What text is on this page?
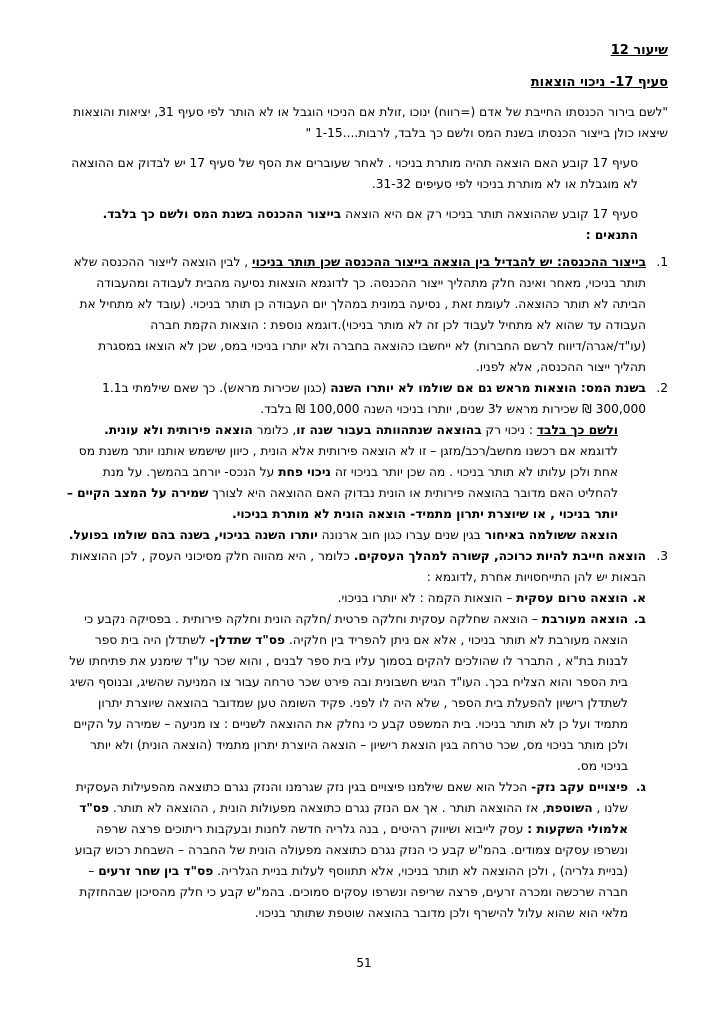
שיעור 12
סעיף 17- ניכוי הוצאות
"לשם בירור הכנסתו החייבת של אדם (=רווח) ינוכו ,זולת אם הניכוי הוגבל או לא הותר לפי סעיף 31, יציאות והוצאות שיצאו כולן בייצור הכנסתו בשנת המס ולשם כך בלבד, לרבות....1-15 "
סעיף 17 קובע האם הוצאה תהיה מותרת בניכוי . לאחר שעוברים את הסף של סעיף 17 יש לבדוק אם ההוצאה לא מוגבלת או לא מותרת בניכוי לפי סעיפים 31-32.
סעיף 17 קובע שההוצאה תותר בניכוי רק אם היא הוצאה בייצור ההכנסה בשנת המס ולשם כך בלבד.
התנאים :
1.
בייצור ההכנסה: יש להבדיל בין הוצאה בייצור ההכנסה שכן תותר בניכוי , לבין הוצאה לייצור ההכנסה שלא תותר בניכוי, מאחר ואינה חלק מתהליך ייצור ההכנסה. כך לדוגמא הוצאות נסיעה מהבית לעבודה ומהעבודה הביתה לא תותר כהוצאה. לעומת זאת , נסיעה במונית במהלך יום העבודה כן תותר בניכוי. (עובד לא מתחיל את העבודה עד שהוא לא מתחיל לעבוד לכן זה לא מותר בניכוי).דוגמא נוספת : הוצאות הקמת חברה (עו"ד/אגרה/דיווח לרשם החברות) לא ייחשבו כהוצאה בחברה ולא יותרו בניכוי במס, שכן לא הוצאו במסגרת תהליך ייצור ההכנסה, אלא לפניו.
2.
בשנת המס: הוצאות מראש גם אם שולמו לא יותרו השנה (כגון שכירות מראש). כך שאם שילמתי ב1.1 300,000 ₪ שכירות מראש ל3 שנים, יותרו בניכוי השנה 100,000 ₪ בלבד.
ולשם כך בלבד : ניכוי רק בהוצאה שנתהוותה בעבור שנה זו, כלומר הוצאה פירותית ולא עונית. לדוגמא אם רכשנו מחשב/רכב/מזגן – זו לא הוצאה פירותית אלא הונית , כיוון שישמש אותנו יותר משנת מס אחת ולכן עלותו לא תותר בניכוי . מה שכן יותר בניכוי זה ניכוי פחת על הנכס- יורחב בהמשך. על מנת להחליט האם מדובר בהוצאה פירותית או הונית נבדוק האם ההוצאה היא לצורך שמירה על המצב הקיים – יותר בניכוי , או שיוצרת יתרון מתמיד- הוצאה הונית לא מותרת בניכוי.
הוצאה ששולמה באיחור בגין שנים עברו כגון חוב ארנונה יותרו השנה בניכוי, בשנה בהם שולמו בפועל.
3.
הוצאה חייבת להיות כרוכה, קשורה למהלך העסקים. כלומר , היא מהווה חלק מסיכוני העסק , לכן ההוצאות הבאות יש להן התייחסויות אחרת ,לדוגמא :
א.
הוצאה טרום עסקית – הוצאות הקמה : לא יותרו בניכוי.
ב.
הוצאה מעורבת – הוצאה שחלקה עסקית וחלקה פרטית /חלקה הונית וחלקה פירותית . בפסיקה נקבע כי הוצאה מעורבת לא תותר בניכוי , אלא אם ניתן להפריד בין חלקיה. פס"ד שתדלן- לשתדלן היה בית ספר לבנות בת"א , התברר לו שהולכים להקים בסמוך עליו בית ספר לבנים , והוא שכר עו"ד שימנע את פתיחתו של בית הספר והוא הצליח בכך. העו"ד הגיש חשבונית ובה פירט שכר טרחה עבור צו המניעה שהשיג, ובנוסף השיג לשתדלן רישיון להפעלת בית הספר , שלא היה לו לפני. פקיד השומה טען שמדובר בהוצאה שיוצרת יתרון מתמיד ועל כן לא תותר בניכוי. בית המשפט קבע כי נחלק את ההוצאה לשניים : צו מניעה – שמירה על הקיים ולכן מותר בניכוי מס, שכר טרחה בגין הוצאת רישיון – הוצאה היוצרת יתרון מתמיד (הוצאה הונית) ולא יותר בניכוי מס.
ג.
פיצויים עקב נזק- הכלל הוא שאם שילמנו פיצויים בגין נזק שגרמנו והנזק נגרם כתוצאה מהפעילות העסקית שלנו , השוטפת, אז ההוצאה תותר . אך אם הנזק נגרם כתוצאה מפעולות הונית , ההוצאה לא תותר. פס"ד אלמולי השקעות : עסק לייבוא ושיווק רהיטים , בנה גלריה חדשה לחנות ובעקבות ריתוכים פרצה שרפה ונשרפו עסקים צמודים. בהמ"ש קבע כי הנזק נגרם כתוצאה מפעולה הונית של החברה – השבחת רכוש קבוע (בניית גלריה) , ולכן ההוצאה לא תותר בניכוי, אלא תתווסף לעלות בניית הגלריה. פס"ד בין שחר זרעים – חברה שרכשה ומכרה זרעים, פרצה שריפה ונשרפו עסקים סמוכים. בהמ"ש קבע כי חלק מהסיכון שבהחזקת מלאי הוא שהוא עלול להישרף ולכן מדובר בהוצאה שוטפת שתותר בניכוי.
51
